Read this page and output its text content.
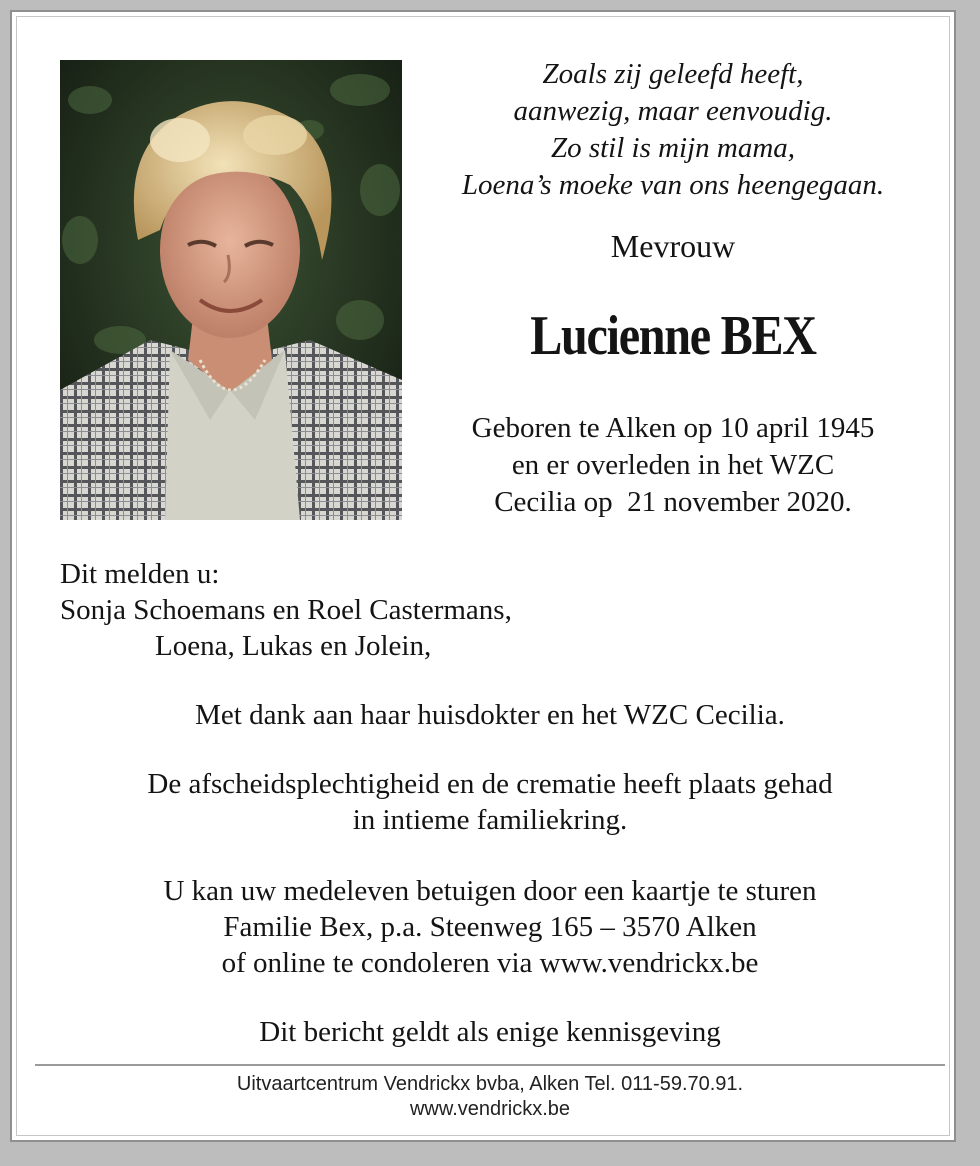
Zoals zij geleefd heeft,
aanwezig, maar eenvoudig.
Zo stil is mijn mama,
Loena’s moeke van ons heengegaan.
Mevrouw
Lucienne BEX
Geboren te Alken op 10 april 1945
en er overleden in het WZC
Cecilia op  21 november 2020.
Dit melden u:
Sonja Schoemans en Roel Castermans,
Loena, Lukas en Jolein,
Met dank aan haar huisdokter en het WZC Cecilia.
De afscheidsplechtigheid en de crematie heeft plaats gehad
in intieme familiekring.
U kan uw medeleven betuigen door een kaartje te sturen
Familie Bex, p.a. Steenweg 165 – 3570 Alken
of online te condoleren via www.vendrickx.be
Dit bericht geldt als enige kennisgeving
Uitvaartcentrum Vendrickx bvba, Alken Tel. 011-59.70.91.
www.vendrickx.be
